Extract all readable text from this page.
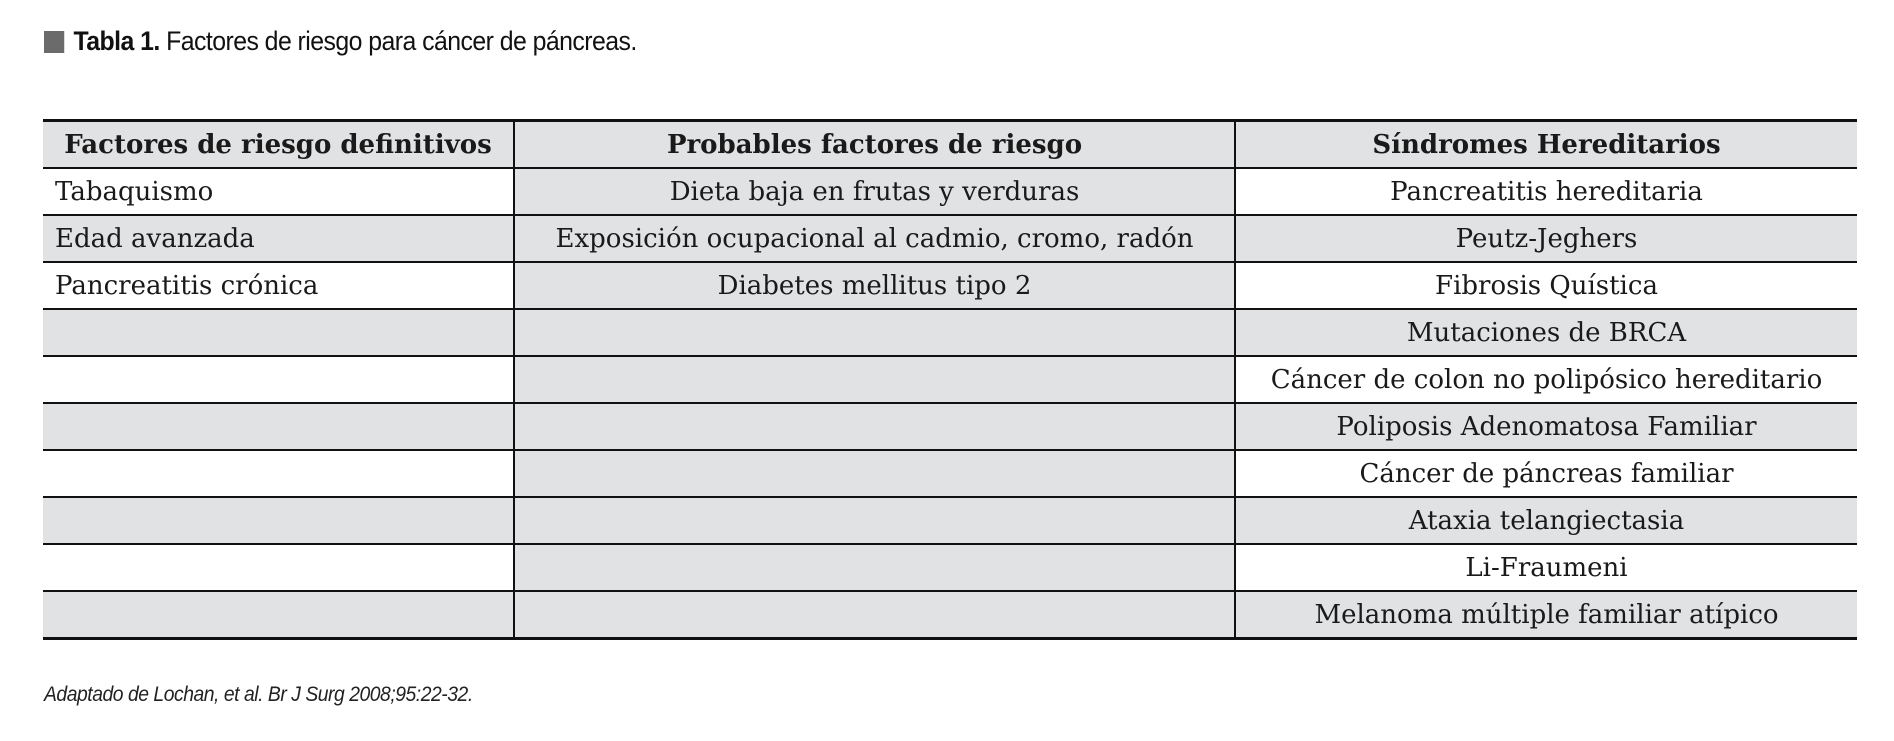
Tabla 1. Factores de riesgo para cáncer de páncreas.
Factores de riesgo definitivos	Probables factores de riesgo	Síndromes Hereditarios
Tabaquismo	Dieta baja en frutas y verduras	Pancreatitis hereditaria
Edad avanzada	Exposición ocupacional al cadmio, cromo, radón	Peutz-Jeghers
Pancreatitis crónica	Diabetes mellitus tipo 2	Fibrosis Quística
		Mutaciones de BRCA
		Cáncer de colon no polipósico hereditario
		Poliposis Adenomatosa Familiar
		Cáncer de páncreas familiar
		Ataxia telangiectasia
		Li-Fraumeni
		Melanoma múltiple familiar atípico
Adaptado de Lochan, et al. Br J Surg 2008;95:22-32.
